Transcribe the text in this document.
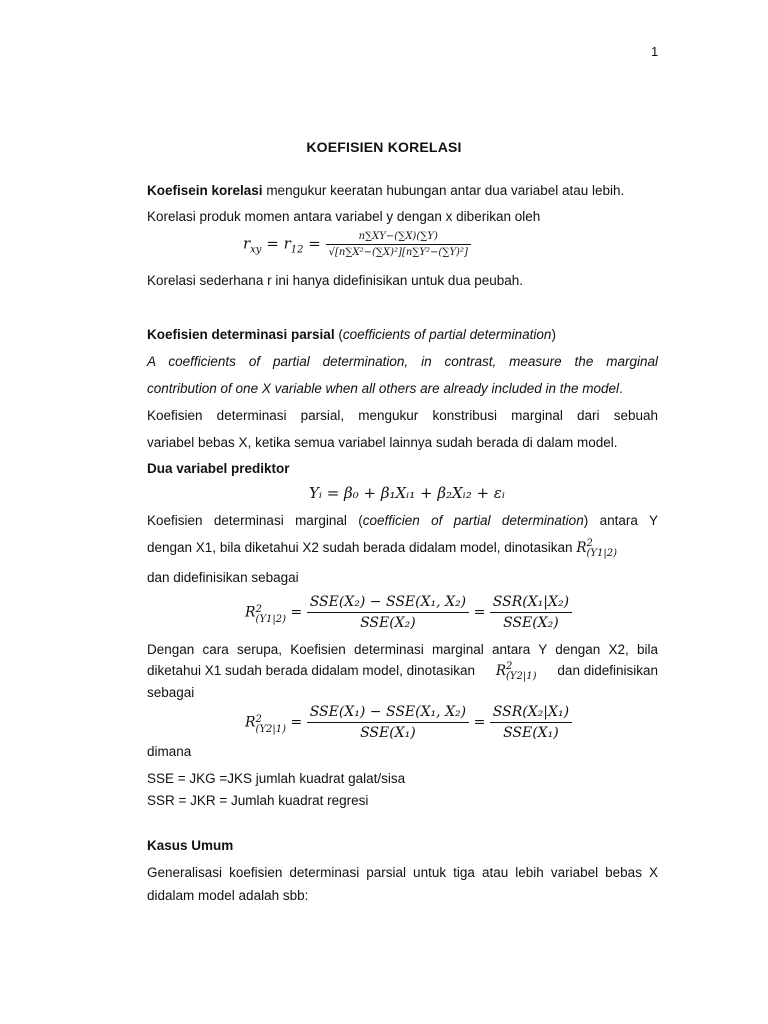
1
KOEFISIEN KORELASI
Koefisein korelasi mengukur keeratan hubungan antar dua variabel atau lebih.
Korelasi produk momen antara variabel y dengan x diberikan oleh
$r_{xy} = r_{12} = \frac{n\sum XY-(\sum X)(\sum Y)}{\text{√[n∑X²−(∑X)²][n∑Y²−(∑Y)²]}}$
Korelasi sederhana r ini hanya didefinisikan untuk dua peubah.
Koefisien determinasi parsial (coefficients of partial determination)
A coefficients of partial determination, in contrast, measure the marginal
contribution of one X variable when all others are already included in the model.
Koefisien determinasi parsial, mengukur konstribusi marginal dari sebuah
variabel bebas X, ketika semua variabel lainnya sudah berada di dalam model.
Dua variabel prediktor
Yᵢ = β₀ + β₁Xᵢ₁ + β₂Xᵢ₂ + εᵢ
Koefisien determinasi marginal (coefficien of partial determination) antara Y
dengan X1, bila diketahui X2 sudah berada didalam model, dinotasikan R 2
(Y1|2)
dan didefinisikan sebagai
R 2
$(Y1|2) = \frac{\text{SSE(X₂) − SSE(X₁, X₂)}}{\text{SSE(X₂)}} = \frac{\text{SSR(X₁|X₂)}}{\text{SSE(X₂)}}$
Dengan cara serupa, Koefisien determinasi marginal antara Y dengan X2, bila
diketahui X1 sudah berada didalam model, dinotasikan R 2
(Y2|1) dan didefinisikan
sebagai
R 2
$(Y2|1) = \frac{\text{SSE(X₁) − SSE(X₁, X₂)}}{\text{SSE(X₁)}} = \frac{\text{SSR(X₂|X₁)}}{\text{SSE(X₁)}}$
dimana
SSE = JKG =JKS jumlah kuadrat galat/sisa
SSR = JKR = Jumlah kuadrat regresi
Kasus Umum
Generalisasi koefisien determinasi parsial untuk tiga atau lebih variabel bebas X
didalam model adalah sbb:
